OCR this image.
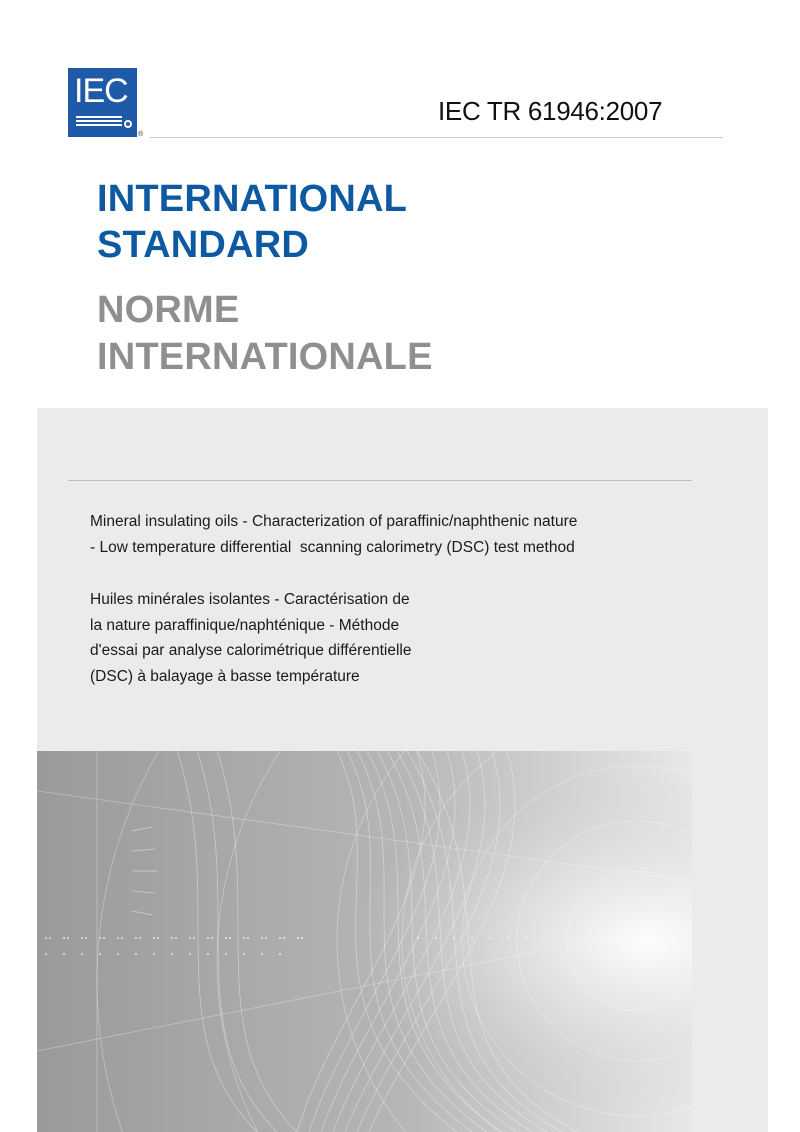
IEC
®
IEC TR 61946:2007
INTERNATIONAL
STANDARD
NORME
INTERNATIONALE
Mineral insulating oils - Characterization of paraffinic/naphthenic nature
- Low temperature differential  scanning calorimetry (DSC) test method
Huiles minérales isolantes - Caractérisation de
la nature paraffinique/naphténique - Méthode
d'essai par analyse calorimétrique différentielle
(DSC) à balayage à basse température
